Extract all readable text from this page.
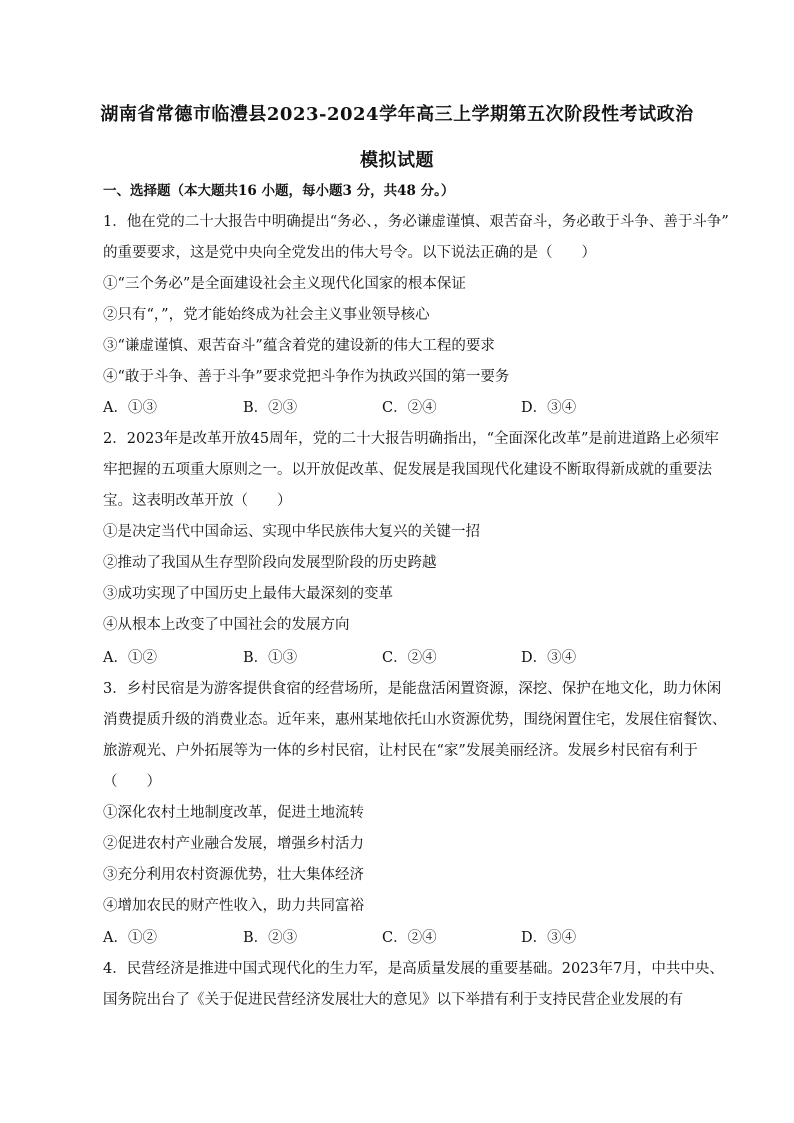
湖南省常德市临澧县2023-2024学年高三上学期第五次阶段性考试政治
模拟试题
一、选择题（本大题共16 小题，每小题3 分，共48 分。）
1．他在党的二十大报告中明确提出“务必、，务必谦虚谨慎、艰苦奋斗，务必敢于斗争、善于斗争”
的重要要求，这是党中央向全党发出的伟大号令。以下说法正确的是（　　）
①“三个务必”是全面建设社会主义现代化国家的根本保证
②只有“，”，党才能始终成为社会主义事业领导核心
③“谦虚谨慎、艰苦奋斗”蕴含着党的建设新的伟大工程的要求
④“敢于斗争、善于斗争”要求党把斗争作为执政兴国的第一要务
A．①③	B．②③	C．②④	D．③④
2．2023年是改革开放45周年，党的二十大报告明确指出，“全面深化改革”是前进道路上必须牢
牢把握的五项重大原则之一。以开放促改革、促发展是我国现代化建设不断取得新成就的重要法
宝。这表明改革开放（　　）
①是决定当代中国命运、实现中华民族伟大复兴的关键一招
②推动了我国从生存型阶段向发展型阶段的历史跨越
③成功实现了中国历史上最伟大最深刻的变革
④从根本上改变了中国社会的发展方向
A．①②	B．①③	C．②④	D．③④
3．乡村民宿是为游客提供食宿的经营场所，是能盘活闲置资源，深挖、保护在地文化，助力休闲
消费提质升级的消费业态。近年来，惠州某地依托山水资源优势，围绕闲置住宅，发展住宿餐饮、
旅游观光、户外拓展等为一体的乡村民宿，让村民在“家”发展美丽经济。发展乡村民宿有利于
（　　）
①深化农村土地制度改革，促进土地流转
②促进农村产业融合发展，增强乡村活力
③充分利用农村资源优势，壮大集体经济
④增加农民的财产性收入，助力共同富裕
A．①②	B．②③	C．②④	D．③④
4．民营经济是推进中国式现代化的生力军，是高质量发展的重要基础。2023年7月，中共中央、
国务院出台了《关于促进民营经济发展壮大的意见》以下举措有利于支持民营企业发展的有
